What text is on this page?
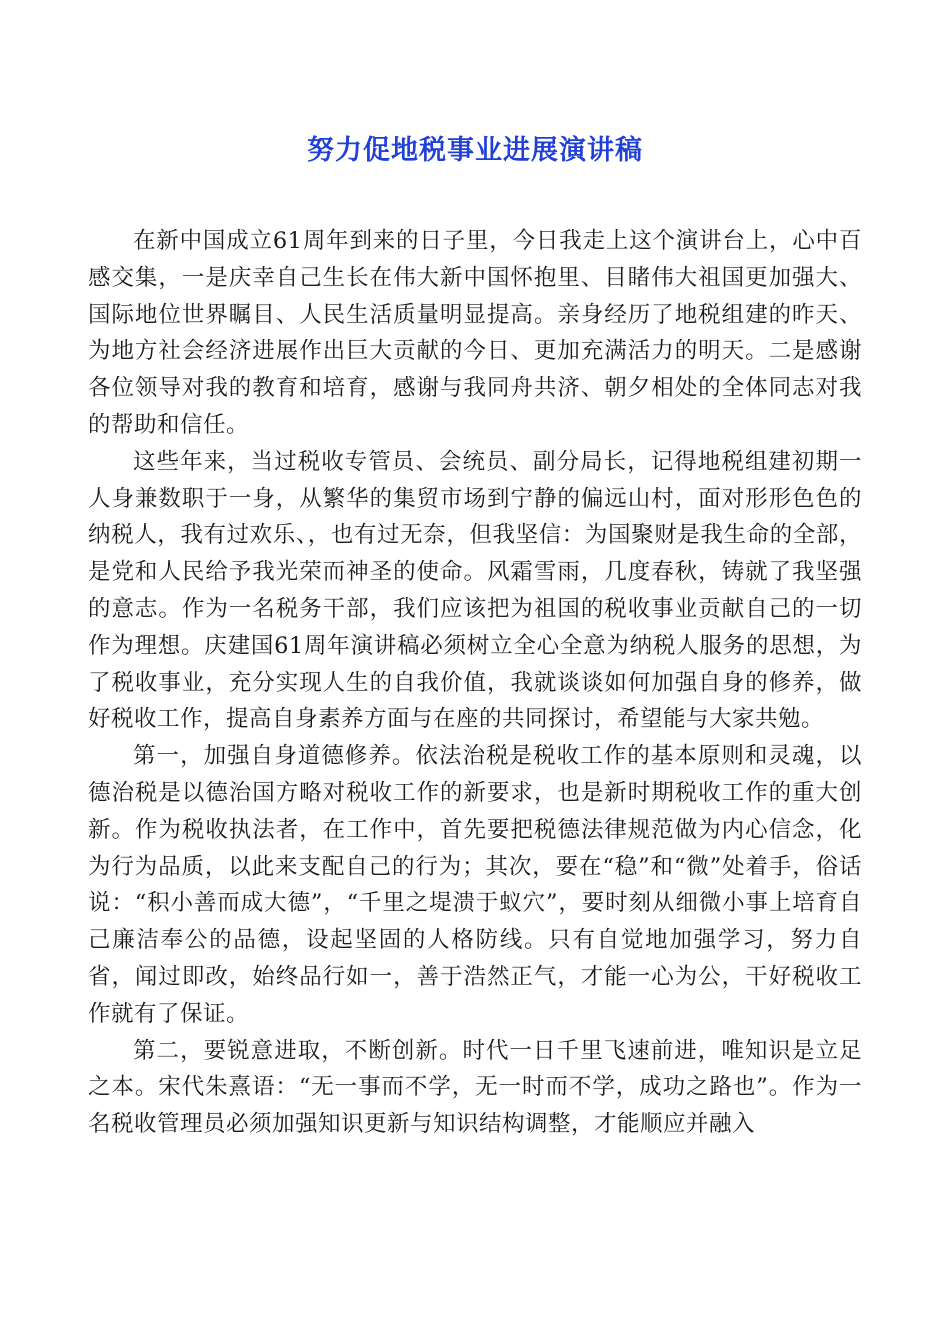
努力促地税事业进展演讲稿

在新中国成立61周年到来的日子里，今日我走上这个演讲台上，心中百感交集，一是庆幸自己生长在伟大新中国怀抱里、目睹伟大祖国更加强大、国际地位世界瞩目、人民生活质量明显提高。亲身经历了地税组建的昨天、为地方社会经济进展作出巨大贡献的今日、更加充满活力的明天。二是感谢各位领导对我的教育和培育，感谢与我同舟共济、朝夕相处的全体同志对我的帮助和信任。

这些年来，当过税收专管员、会统员、副分局长，记得地税组建初期一人身兼数职于一身，从繁华的集贸市场到宁静的偏远山村，面对形形色色的纳税人，我有过欢乐、，也有过无奈，但我坚信：为国聚财是我生命的全部，是党和人民给予我光荣而神圣的使命。风霜雪雨，几度春秋，铸就了我坚强的意志。作为一名税务干部，我们应该把为祖国的税收事业贡献自己的一切作为理想。庆建国61周年演讲稿必须树立全心全意为纳税人服务的思想，为了税收事业，充分实现人生的自我价值，我就谈谈如何加强自身的修养，做好税收工作，提高自身素养方面与在座的共同探讨，希望能与大家共勉。

第一，加强自身道德修养。依法治税是税收工作的基本原则和灵魂，以德治税是以德治国方略对税收工作的新要求，也是新时期税收工作的重大创新。作为税收执法者，在工作中，首先要把税德法律规范做为内心信念，化为行为品质，以此来支配自己的行为；其次，要在“稳”和“微”处着手，俗话说：“积小善而成大德”，“千里之堤溃于蚁穴”，要时刻从细微小事上培育自己廉洁奉公的品德，设起坚固的人格防线。只有自觉地加强学习，努力自省，闻过即改，始终品行如一，善于浩然正气，才能一心为公，干好税收工作就有了保证。

第二，要锐意进取，不断创新。时代一日千里飞速前进，唯知识是立足之本。宋代朱熹语：“无一事而不学，无一时而不学，成功之路也”。作为一名税收管理员必须加强知识更新与知识结构调整，才能顺应并融入
